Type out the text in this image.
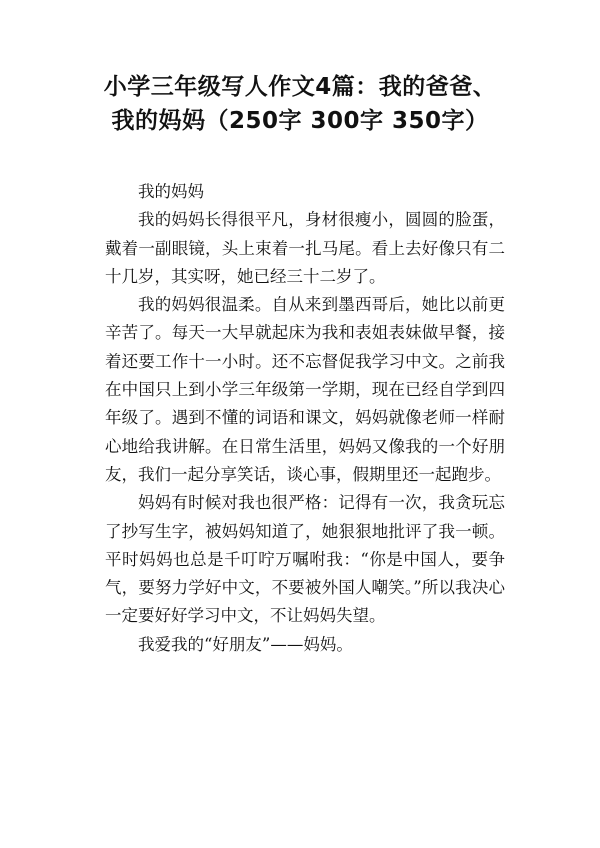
小学三年级写人作文4篇：我的爸爸、
我的妈妈（250字 300字 350字）

我的妈妈

我的妈妈长得很平凡，身材很瘦小，圆圆的脸蛋，戴着一副眼镜，头上束着一扎马尾。看上去好像只有二十几岁，其实呀，她已经三十二岁了。

我的妈妈很温柔。自从来到墨西哥后，她比以前更辛苦了。每天一大早就起床为我和表姐表妹做早餐，接着还要工作十一小时。还不忘督促我学习中文。之前我在中国只上到小学三年级第一学期，现在已经自学到四年级了。遇到不懂的词语和课文，妈妈就像老师一样耐心地给我讲解。在日常生活里，妈妈又像我的一个好朋友，我们一起分享笑话，谈心事，假期里还一起跑步。

妈妈有时候对我也很严格：记得有一次，我贪玩忘了抄写生字，被妈妈知道了，她狠狠地批评了我一顿。平时妈妈也总是千叮咛万嘱咐我：“你是中国人，要争气，要努力学好中文，不要被外国人嘲笑。”所以我决心一定要好好学习中文，不让妈妈失望。

我爱我的“好朋友”——妈妈。
